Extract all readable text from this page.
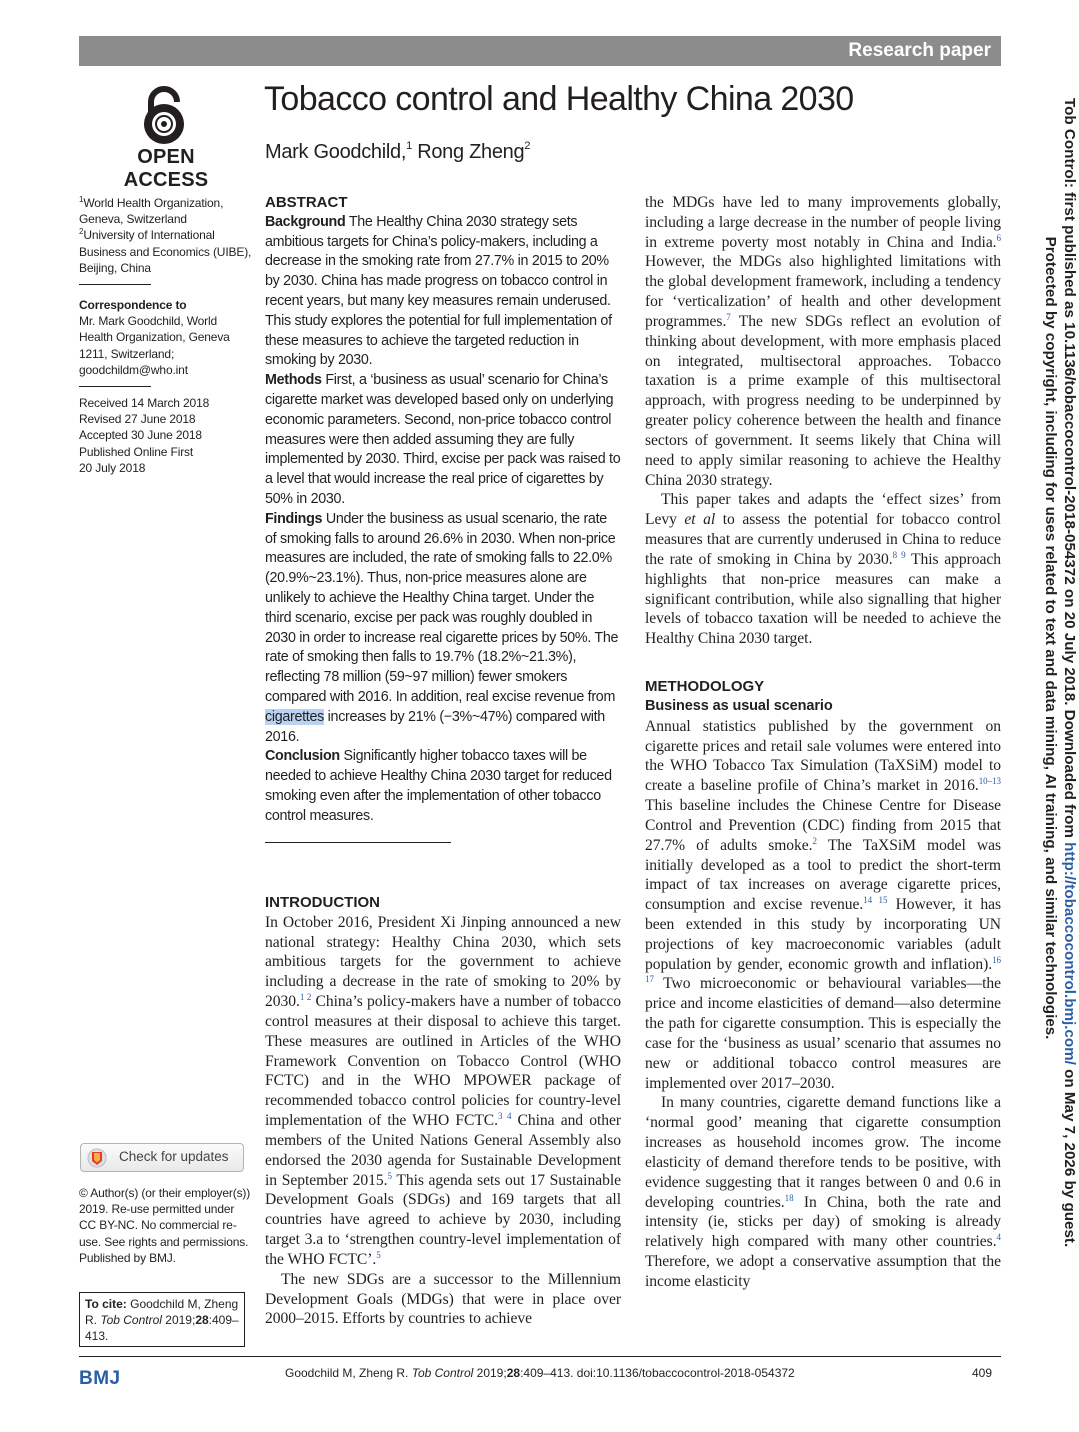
Research paper
OPEN ACCESS
Tobacco control and Healthy China 2030
Mark Goodchild,$^1$ Rong Zheng$^2$
$^1$World Health Organization, Geneva, Switzerland
$^2$University of International Business and Economics (UIBE), Beijing, China
Correspondence to
Mr. Mark Goodchild, World Health Organization, Geneva 1211, Switzerland; goodchildm@who.int
Received 14 March 2018
Revised 27 June 2018
Accepted 30 June 2018
Published Online First
20 July 2018
Check for updates
© Author(s) (or their employer(s)) 2019. Re-use permitted under CC BY-NC. No commercial re-use. See rights and permissions. Published by BMJ.
To cite: Goodchild M, Zheng R. Tob Control 2019;28:409–413.
ABSTRACT
Background The Healthy China 2030 strategy sets ambitious targets for China’s policy-makers, including a decrease in the smoking rate from 27.7% in 2015 to 20% by 2030. China has made progress on tobacco control in recent years, but many key measures remain underused. This study explores the potential for full implementation of these measures to achieve the targeted reduction in smoking by 2030.
Methods First, a ‘business as usual’ scenario for China’s cigarette market was developed based only on underlying economic parameters. Second, non-price tobacco control measures were then added assuming they are fully implemented by 2030. Third, excise per pack was raised to a level that would increase the real price of cigarettes by 50% in 2030.
Findings Under the business as usual scenario, the rate of smoking falls to around 26.6% in 2030. When non-price measures are included, the rate of smoking falls to 22.0% (20.9%~23.1%). Thus, non-price measures alone are unlikely to achieve the Healthy China target. Under the third scenario, excise per pack was roughly doubled in 2030 in order to increase real cigarette prices by 50%. The rate of smoking then falls to 19.7% (18.2%~21.3%), reflecting 78 million (59~97 million) fewer smokers compared with 2016. In addition, real excise revenue from cigarettes increases by 21% (−3%~47%) compared with 2016.
Conclusion Significantly higher tobacco taxes will be needed to achieve Healthy China 2030 target for reduced smoking even after the implementation of other tobacco control measures.
INTRODUCTION

In October 2016, President Xi Jinping announced a new national strategy: Healthy China 2030, which sets ambitious targets for the government to achieve including a decrease in the rate of smoking to 20% by 2030.$^{1 2}$ China’s policy-makers have a number of tobacco control measures at their disposal to achieve this target. These measures are outlined in Articles of the WHO Framework Convention on Tobacco Control (WHO FCTC) and in the WHO MPOWER package of recommended tobacco control policies for country-level implementation of the WHO FCTC.$^{3 4}$ China and other members of the United Nations General Assembly also endorsed the 2030 agenda for Sustainable Development in September 2015.$^5$ This agenda sets out 17 Sustainable Development Goals (SDGs) and 169 targets that all countries have agreed to achieve by 2030, including target 3.a to ‘strengthen country-level implementation of the WHO FCTC’.$^5$

The new SDGs are a successor to the Millennium Development Goals (MDGs) that were in place over 2000–2015. Efforts by countries to achieve

the MDGs have led to many improvements globally, including a large decrease in the number of people living in extreme poverty most notably in China and India.$^6$ However, the MDGs also highlighted limitations with the global development framework, including a tendency for ‘verticalization’ of health and other development programmes.$^7$ The new SDGs reflect an evolution of thinking about development, with more emphasis placed on integrated, multisectoral approaches. Tobacco taxation is a prime example of this multisectoral approach, with progress needing to be underpinned by greater policy coherence between the health and finance sectors of government. It seems likely that China will need to apply similar reasoning to achieve the Healthy China 2030 strategy.

This paper takes and adapts the ‘effect sizes’ from Levy et al to assess the potential for tobacco control measures that are currently underused in China to reduce the rate of smoking in China by 2030.$^{8 9}$ This approach highlights that non-price measures can make a significant contribution, while also signalling that higher levels of tobacco taxation will be needed to achieve the Healthy China 2030 target.

METHODOLOGY
Business as usual scenario

Annual statistics published by the government on cigarette prices and retail sale volumes were entered into the WHO Tobacco Tax Simulation (TaXSiM) model to create a baseline profile of China’s market in 2016.$^{10-13}$ This baseline includes the Chinese Centre for Disease Control and Prevention (CDC) finding from 2015 that 27.7% of adults smoke.$^2$ The TaXSiM model was initially developed as a tool to predict the short-term impact of tax increases on average cigarette prices, consumption and excise revenue.$^{14 15}$ However, it has been extended in this study by incorporating UN projections of key macroeconomic variables (adult population by gender, economic growth and inflation).$^{16 17}$ Two microeconomic or behavioural variables—the price and income elasticities of demand—also determine the path for cigarette consumption. This is especially the case for the ‘business as usual’ scenario that assumes no new or additional tobacco control measures are implemented over 2017–2030.

In many countries, cigarette demand functions like a ‘normal good’ meaning that cigarette consumption increases as household incomes grow. The income elasticity of demand therefore tends to be positive, with evidence suggesting that it ranges between 0 and 0.6 in developing countries.$^{18}$ In China, both the rate and intensity (ie, sticks per day) of smoking is already relatively high compared with many other countries.$^4$ Therefore, we adopt a conservative assumption that the income elasticity

BMJ	Goodchild M, Zheng R. Tob Control 2019;28:409–413. doi:10.1136/tobaccocontrol-2018-054372	409
Tob Control: first published as 10.1136/tobaccocontrol-2018-054372 on 20 July 2018. Downloaded from http://tobaccocontrol.bmj.com/ on May 7, 2026 by guest.
Protected by copyright, including for uses related to text and data mining, AI training, and similar technologies.
